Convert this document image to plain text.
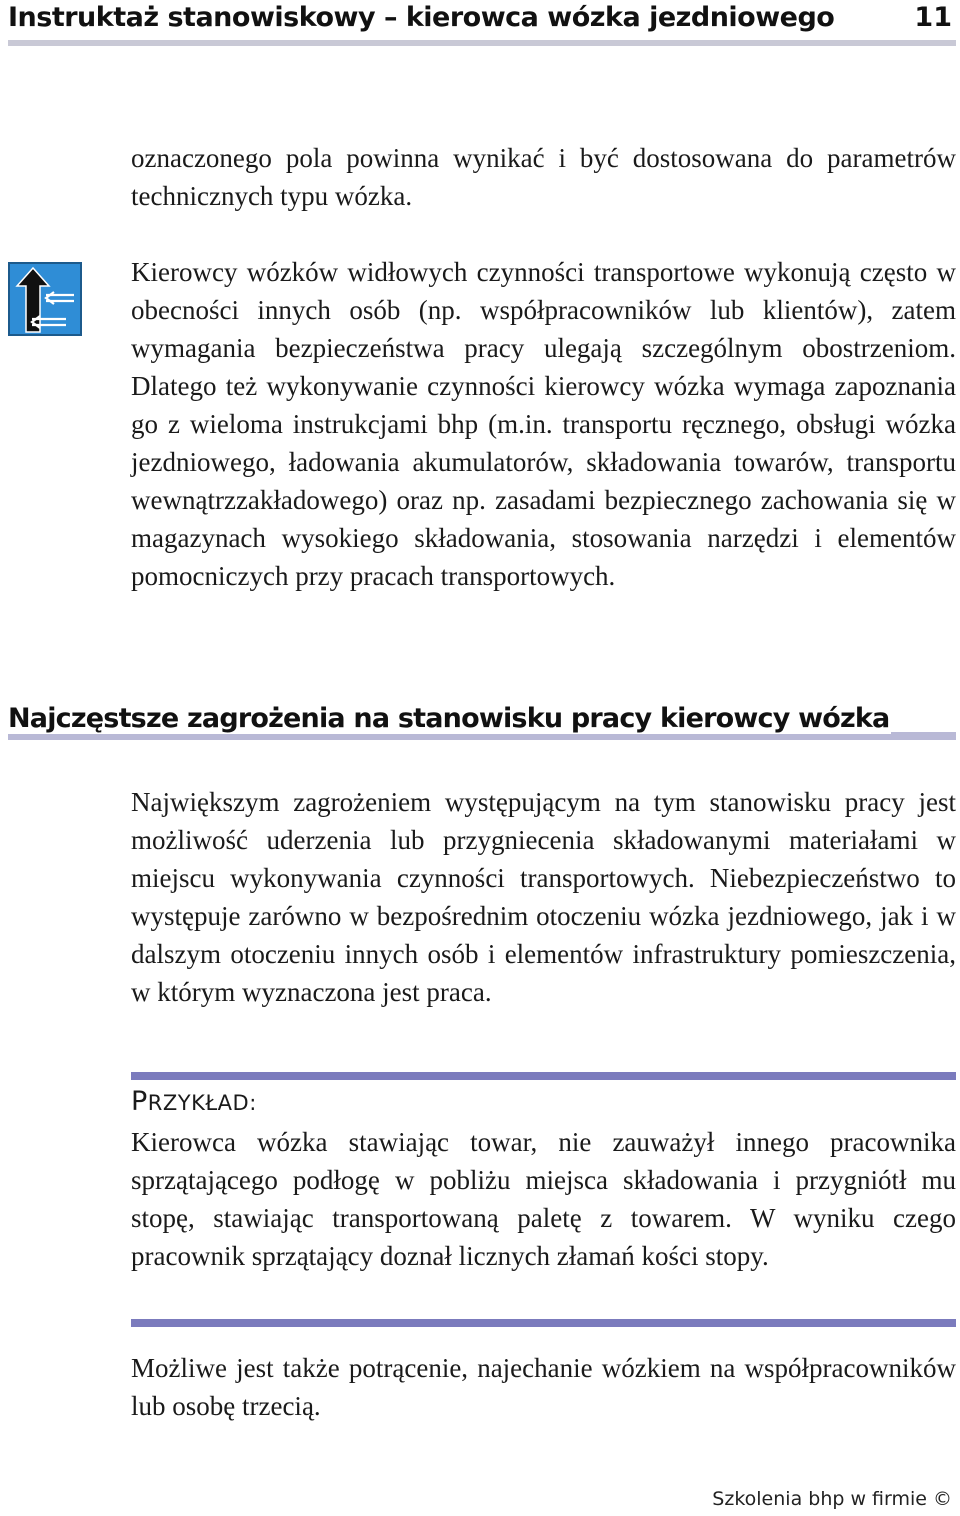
Instruktaż stanowiskowy – kierowca wózka jezdniowego	11

oznaczonego pola powinna wynikać i być dostosowana do parametrów technicznych typu wózka.

Kierowcy wózków widłowych czynności transportowe wykonują często w obecności innych osób (np. współpracowników lub klientów), zatem wymagania bezpieczeństwa pracy ulegają szczególnym obostrzeniom. Dlatego też wykonywanie czynności kierowcy wózka wymaga zapoznania go z wieloma instrukcjami bhp (m.in. transportu ręcznego, obsługi wózka jezdniowego, ładowania akumulatorów, składowania towarów, transportu wewnątrzzakładowego) oraz np. zasadami bezpiecznego zachowania się w magazynach wysokiego składowania, stosowania narzędzi i elementów pomocniczych przy pracach transportowych.

Najczęstsze zagrożenia na stanowisku pracy kierowcy wózka

Największym zagrożeniem występującym na tym stanowisku pracy jest możliwość uderzenia lub przygniecenia składowanymi materiałami w miejscu wykonywania czynności transportowych. Niebezpieczeństwo to występuje zarówno w bezpośrednim otoczeniu wózka jezdniowego, jak i w dalszym otoczeniu innych osób i elementów infrastruktury pomieszczenia, w którym wyznaczona jest praca.

PRZYKŁAD:

Kierowca wózka stawiając towar, nie zauważył innego pracownika sprzątającego podłogę w pobliżu miejsca składowania i przygniótł mu stopę, stawiając transportowaną paletę z towarem. W wyniku czego pracownik sprzątający doznał licznych złamań kości stopy.

Możliwe jest także potrącenie, najechanie wózkiem na współpracowników lub osobę trzecią.

Szkolenia bhp w firmie ©
